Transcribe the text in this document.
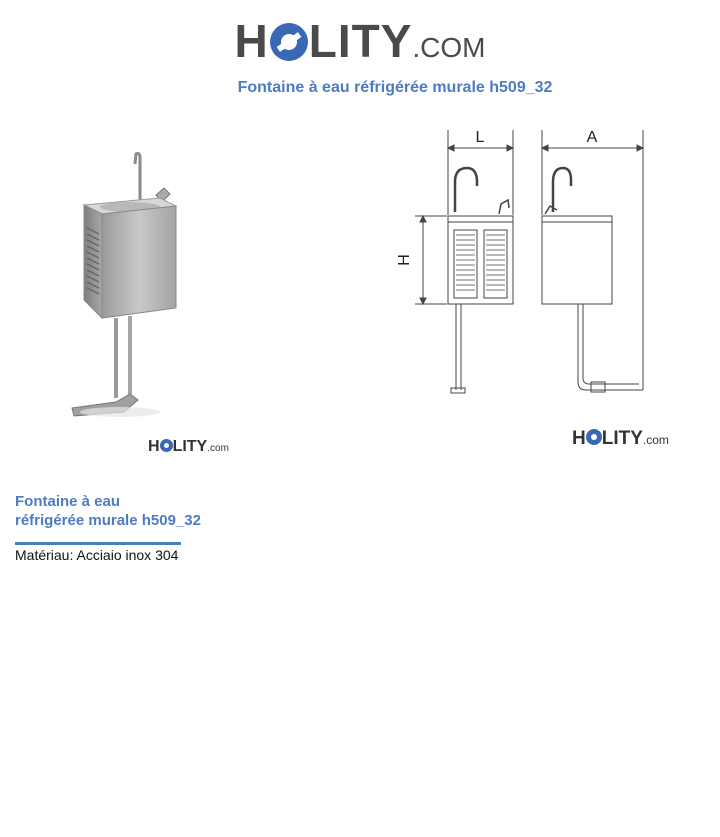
H LITY.COM
Fontaine à eau réfrigérée murale h509_32
L	A
H
H LITY.com	H LITY.com
Fontaine à eau
réfrigérée murale h509_32
Matériau: Acciaio inox 304
